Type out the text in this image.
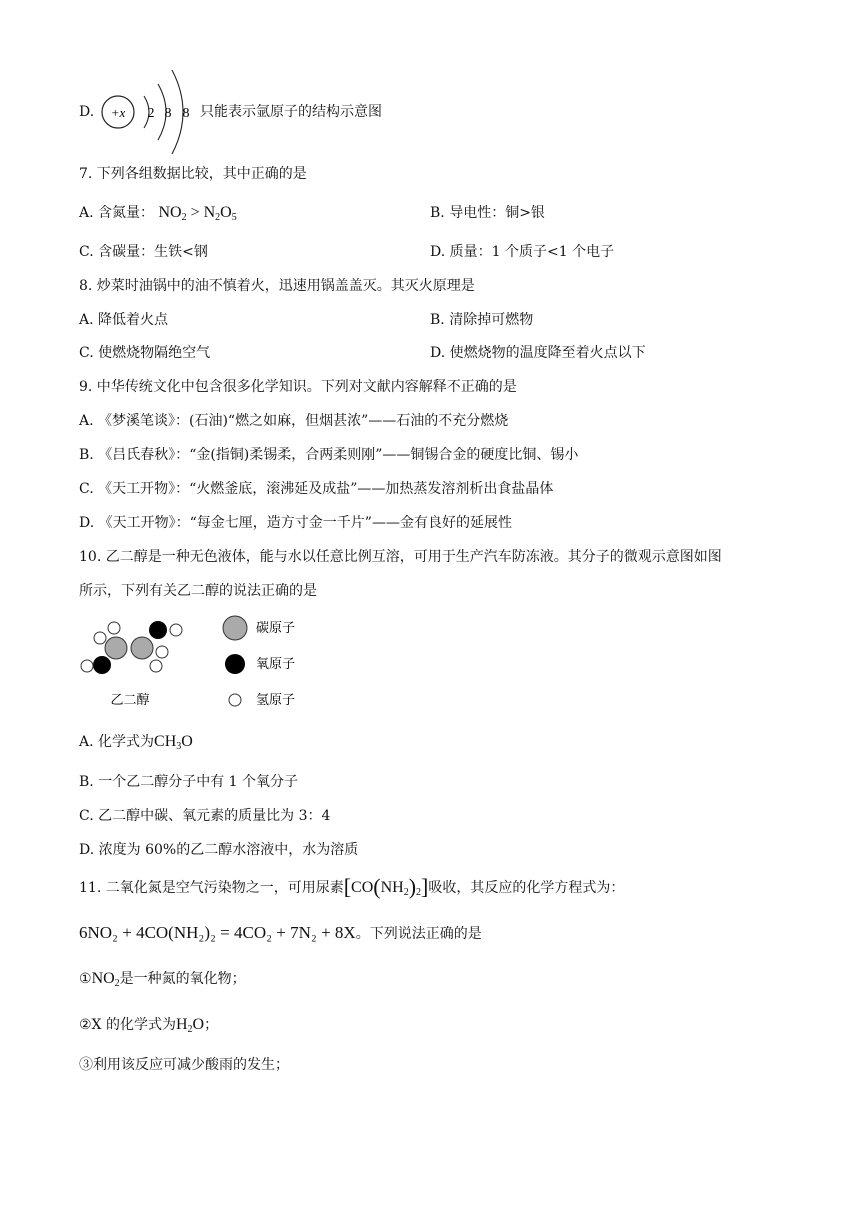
D. +x 2 8 8 只能表示氩原子的结构示意图
7. 下列各组数据比较，其中正确的是
A. 含氮量： $NO_2 > N_2O_5$	B. 导电性：铜>银
C. 含碳量：生铁<钢	D. 质量：1 个质子<1 个电子
8. 炒菜时油锅中的油不慎着火，迅速用锅盖盖灭。其灭火原理是
A. 降低着火点	B. 清除掉可燃物
C. 使燃烧物隔绝空气	D. 使燃烧物的温度降至着火点以下
9. 中华传统文化中包含很多化学知识。下列对文献内容解释不正确的是
A. 《梦溪笔谈》：(石油)“燃之如麻，但烟甚浓”——石油的不充分燃烧
B. 《吕氏春秋》：“金(指铜)柔锡柔，合两柔则刚”——铜锡合金的硬度比铜、锡小
C. 《天工开物》：“火燃釜底，滚沸延及成盐”——加热蒸发溶剂析出食盐晶体
D. 《天工开物》：“每金七厘，造方寸金一千片”——金有良好的延展性
10. 乙二醇是一种无色液体，能与水以任意比例互溶，可用于生产汽车防冻液。其分子的微观示意图如图
所示，下列有关乙二醇的说法正确的是
乙二醇
碳原子
氧原子
氢原子
A. 化学式为$CH_3O$
B. 一个乙二醇分子中有 1 个氧分子
C. 乙二醇中碳、氧元素的质量比为 3：4
D. 浓度为 60%的乙二醇水溶液中，水为溶质
11. 二氧化氮是空气污染物之一，可用尿素$[CO(NH_2)_2]$吸收，其反应的化学方程式为：
6NO₂ + 4CO(NH₂)₂ = 4CO₂ + 7N₂ + 8X。下列说法正确的是
$①NO_2$是一种氮的氧化物；
②X 的化学式为$H_2O$；
③利用该反应可减少酸雨的发生；
